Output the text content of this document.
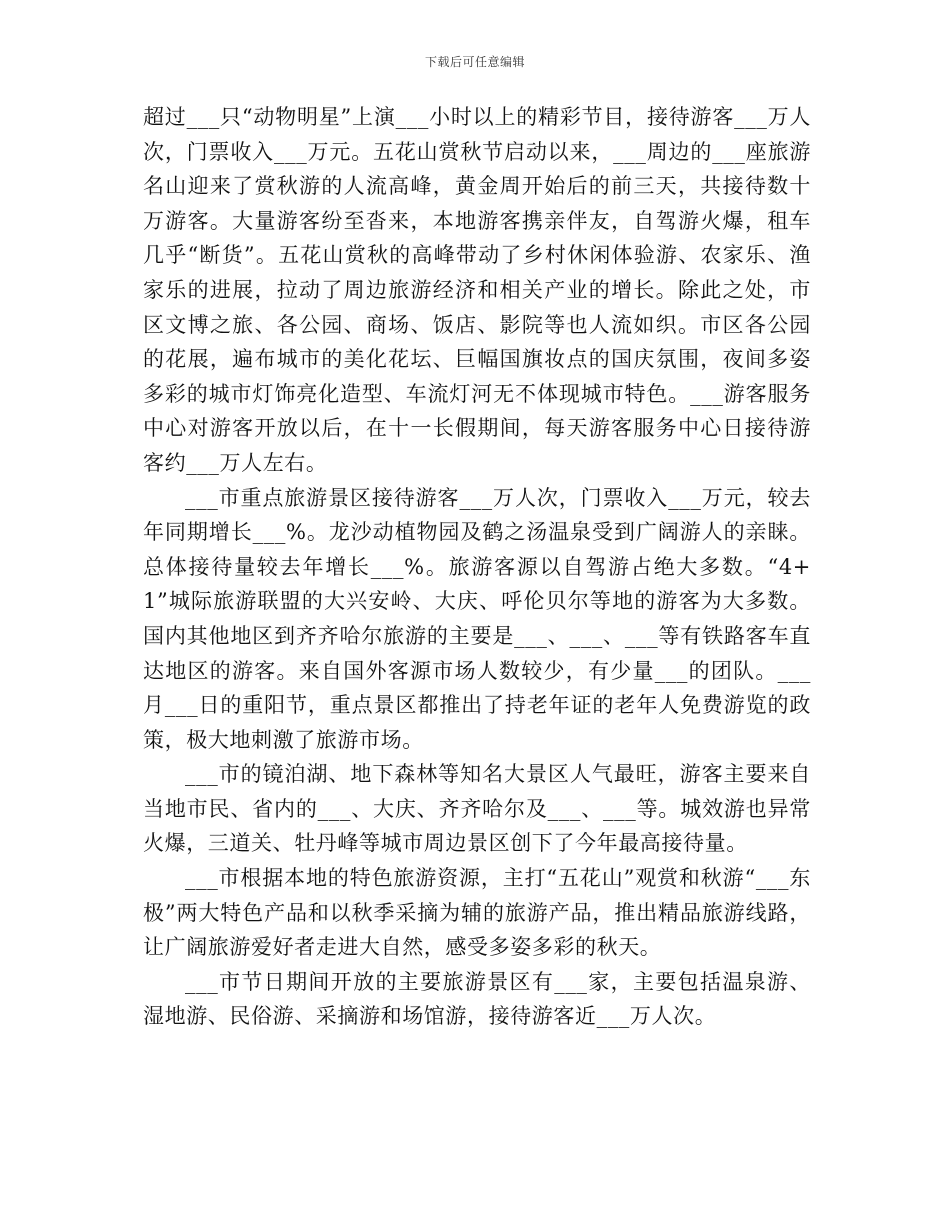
下载后可任意编辑

超过___只“动物明星”上演___小时以上的精彩节目，接待游客___万人次，门票收入___万元。五花山赏秋节启动以来，___周边的___座旅游名山迎来了赏秋游的人流高峰，黄金周开始后的前三天，共接待数十万游客。大量游客纷至沓来，本地游客携亲伴友，自驾游火爆，租车几乎“断货”。五花山赏秋的高峰带动了乡村休闲体验游、农家乐、渔家乐的进展，拉动了周边旅游经济和相关产业的增长。除此之处，市区文博之旅、各公园、商场、饭店、影院等也人流如织。市区各公园的花展，遍布城市的美化花坛、巨幅国旗妆点的国庆氛围，夜间多姿多彩的城市灯饰亮化造型、车流灯河无不体现城市特色。___游客服务中心对游客开放以后，在十一长假期间，每天游客服务中心日接待游客约___万人左右。

___市重点旅游景区接待游客___万人次，门票收入___万元，较去年同期增长___%。龙沙动植物园及鹤之汤温泉受到广阔游人的亲睐。总体接待量较去年增长___%。旅游客源以自驾游占绝大多数。“4+1”城际旅游联盟的大兴安岭、大庆、呼伦贝尔等地的游客为大多数。国内其他地区到齐齐哈尔旅游的主要是___、___、___等有铁路客车直达地区的游客。来自国外客源市场人数较少，有少量___的团队。___月___日的重阳节，重点景区都推出了持老年证的老年人免费游览的政策，极大地刺激了旅游市场。

___市的镜泊湖、地下森林等知名大景区人气最旺，游客主要来自当地市民、省内的___、大庆、齐齐哈尔及___、___等。城效游也异常火爆，三道关、牡丹峰等城市周边景区创下了今年最高接待量。

___市根据本地的特色旅游资源，主打“五花山”观赏和秋游“___东极”两大特色产品和以秋季采摘为辅的旅游产品，推出精品旅游线路，让广阔旅游爱好者走进大自然，感受多姿多彩的秋天。

___市节日期间开放的主要旅游景区有___家，主要包括温泉游、湿地游、民俗游、采摘游和场馆游，接待游客近___万人次。
